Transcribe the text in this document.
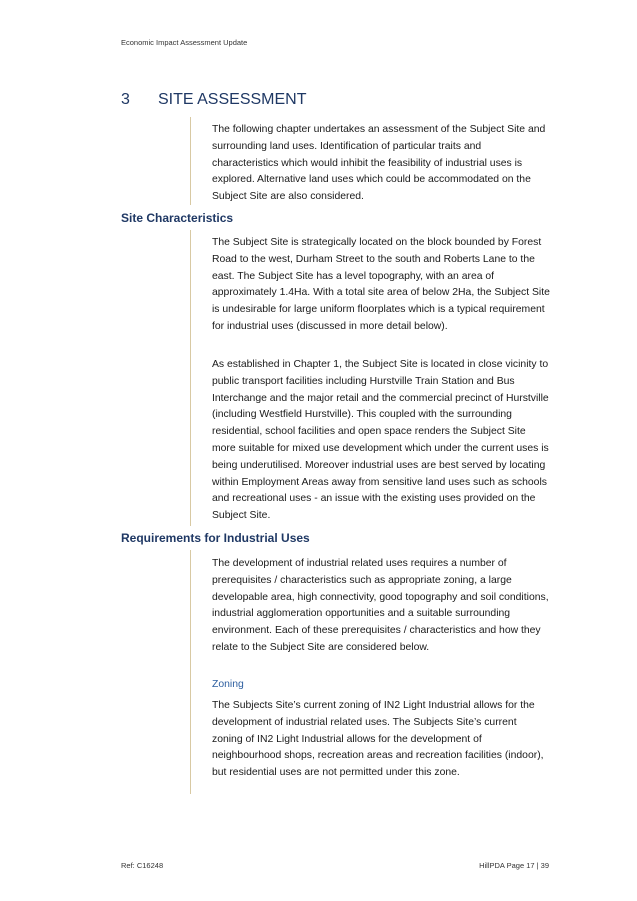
Economic Impact Assessment Update
3 SITE ASSESSMENT

The following chapter undertakes an assessment of the Subject Site and surrounding land uses. Identification of particular traits and characteristics which would inhibit the feasibility of industrial uses is explored. Alternative land uses which could be accommodated on the Subject Site are also considered.

Site Characteristics

The Subject Site is strategically located on the block bounded by Forest Road to the west, Durham Street to the south and Roberts Lane to the east. The Subject Site has a level topography, with an area of approximately 1.4Ha. With a total site area of below 2Ha, the Subject Site is undesirable for large uniform floorplates which is a typical requirement for industrial uses (discussed in more detail below).

As established in Chapter 1, the Subject Site is located in close vicinity to public transport facilities including Hurstville Train Station and Bus Interchange and the major retail and the commercial precinct of Hurstville (including Westfield Hurstville). This coupled with the surrounding residential, school facilities and open space renders the Subject Site more suitable for mixed use development which under the current uses is being underutilised. Moreover industrial uses are best served by locating within Employment Areas away from sensitive land uses such as schools and recreational uses - an issue with the existing uses provided on the Subject Site.

Requirements for Industrial Uses

The development of industrial related uses requires a number of prerequisites / characteristics such as appropriate zoning, a large developable area, high connectivity, good topography and soil conditions, industrial agglomeration opportunities and a suitable surrounding environment. Each of these prerequisites / characteristics and how they relate to the Subject Site are considered below.

Zoning

The Subjects Site’s current zoning of IN2 Light Industrial allows for the development of industrial related uses. The Subjects Site’s current zoning of IN2 Light Industrial allows for the development of neighbourhood shops, recreation areas and recreation facilities (indoor), but residential uses are not permitted under this zone.

Ref: C16248	HillPDA Page 17 | 39
